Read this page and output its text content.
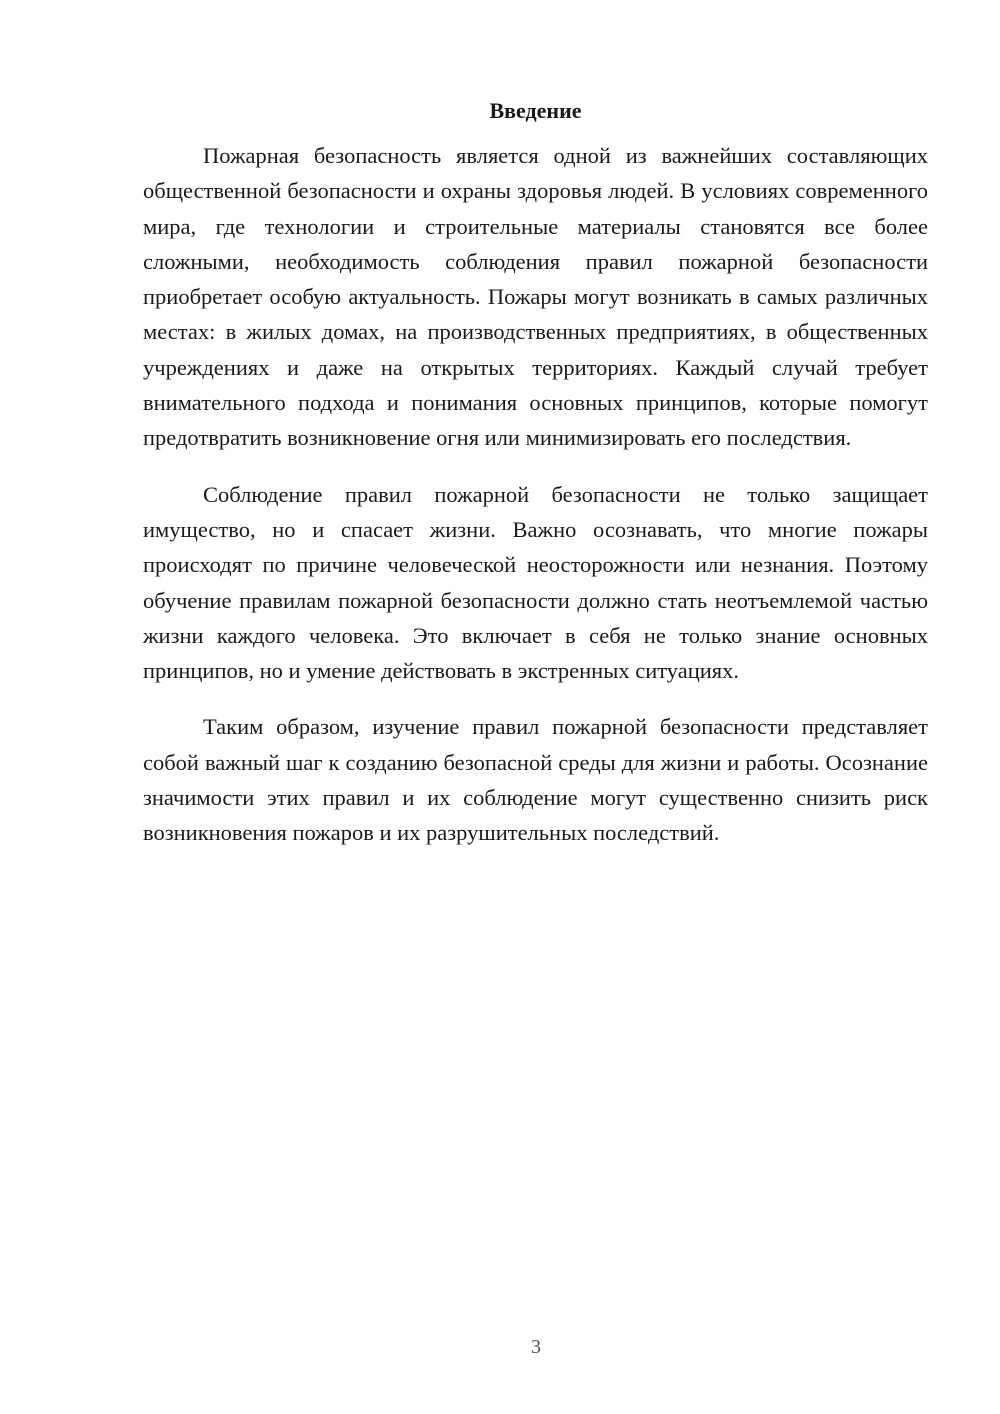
Введение

Пожарная безопасность является одной из важнейших составляющих общественной безопасности и охраны здоровья людей. В условиях современного мира, где технологии и строительные материалы становятся все более сложными, необходимость соблюдения правил пожарной безопасности приобретает особую актуальность. Пожары могут возникать в самых различных местах: в жилых домах, на производственных предприятиях, в общественных учреждениях и даже на открытых территориях. Каждый случай требует внимательного подхода и понимания основных принципов, которые помогут предотвратить возникновение огня или минимизировать его последствия.

Соблюдение правил пожарной безопасности не только защищает имущество, но и спасает жизни. Важно осознавать, что многие пожары происходят по причине человеческой неосторожности или незнания. Поэтому обучение правилам пожарной безопасности должно стать неотъемлемой частью жизни каждого человека. Это включает в себя не только знание основных принципов, но и умение действовать в экстренных ситуациях.

Таким образом, изучение правил пожарной безопасности представляет собой важный шаг к созданию безопасной среды для жизни и работы. Осознание значимости этих правил и их соблюдение могут существенно снизить риск возникновения пожаров и их разрушительных последствий.

3
